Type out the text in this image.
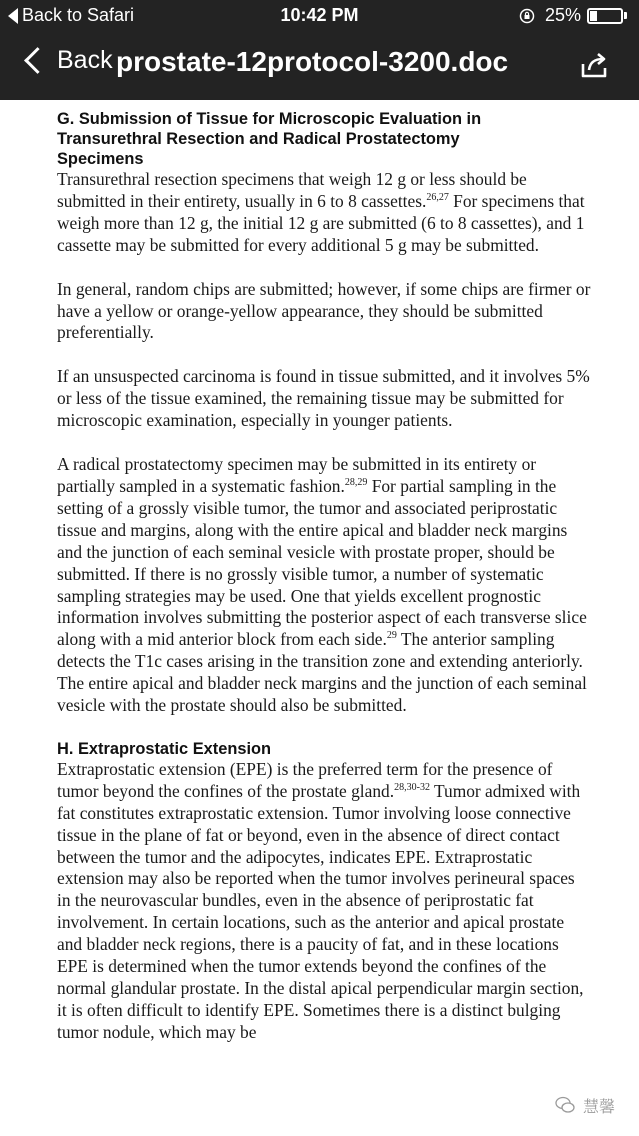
Back to Safari	10:42 PM	25%
Back prostate-12protocol-3200.doc
G. Submission of Tissue for Microscopic Evaluation in
Transurethral Resection and Radical Prostatectomy
Specimens

Transurethral resection specimens that weigh 12 g or less should be submitted in their entirety, usually in 6 to 8 cassettes.$^{26,27}$ For specimens that weigh more than 12 g, the initial 12 g are submitted (6 to 8 cassettes), and 1 cassette may be submitted for every additional 5 g may be submitted.

In general, random chips are submitted; however, if some chips are firmer or have a yellow or orange-yellow appearance, they should be submitted preferentially.

If an unsuspected carcinoma is found in tissue submitted, and it involves 5% or less of the tissue examined, the remaining tissue may be submitted for microscopic examination, especially in younger patients.

A radical prostatectomy specimen may be submitted in its entirety or partially sampled in a systematic fashion.$^{28,29}$ For partial sampling in the setting of a grossly visible tumor, the tumor and associated periprostatic tissue and margins, along with the entire apical and bladder neck margins and the junction of each seminal vesicle with prostate proper, should be submitted. If there is no grossly visible tumor, a number of systematic sampling strategies may be used. One that yields excellent prognostic information involves submitting the posterior aspect of each transverse slice along with a mid anterior block from each side.$^{29}$ The anterior sampling detects the T1c cases arising in the transition zone and extending anteriorly. The entire apical and bladder neck margins and the junction of each seminal vesicle with the prostate should also be submitted.

H. Extraprostatic Extension

Extraprostatic extension (EPE) is the preferred term for the presence of tumor beyond the confines of the prostate gland.$^{28,30-32}$ Tumor admixed with fat constitutes extraprostatic extension. Tumor involving loose connective tissue in the plane of fat or beyond, even in the absence of direct contact between the tumor and the adipocytes, indicates EPE. Extraprostatic extension may also be reported when the tumor involves perineural spaces in the neurovascular bundles, even in the absence of periprostatic fat involvement. In certain locations, such as the anterior and apical prostate and bladder neck regions, there is a paucity of fat, and in these locations EPE is determined when the tumor extends beyond the confines of the normal glandular prostate. In the distal apical perpendicular margin section, it is often difficult to identify EPE. Sometimes there is a distinct bulging tumor nodule, which may be

慧馨
